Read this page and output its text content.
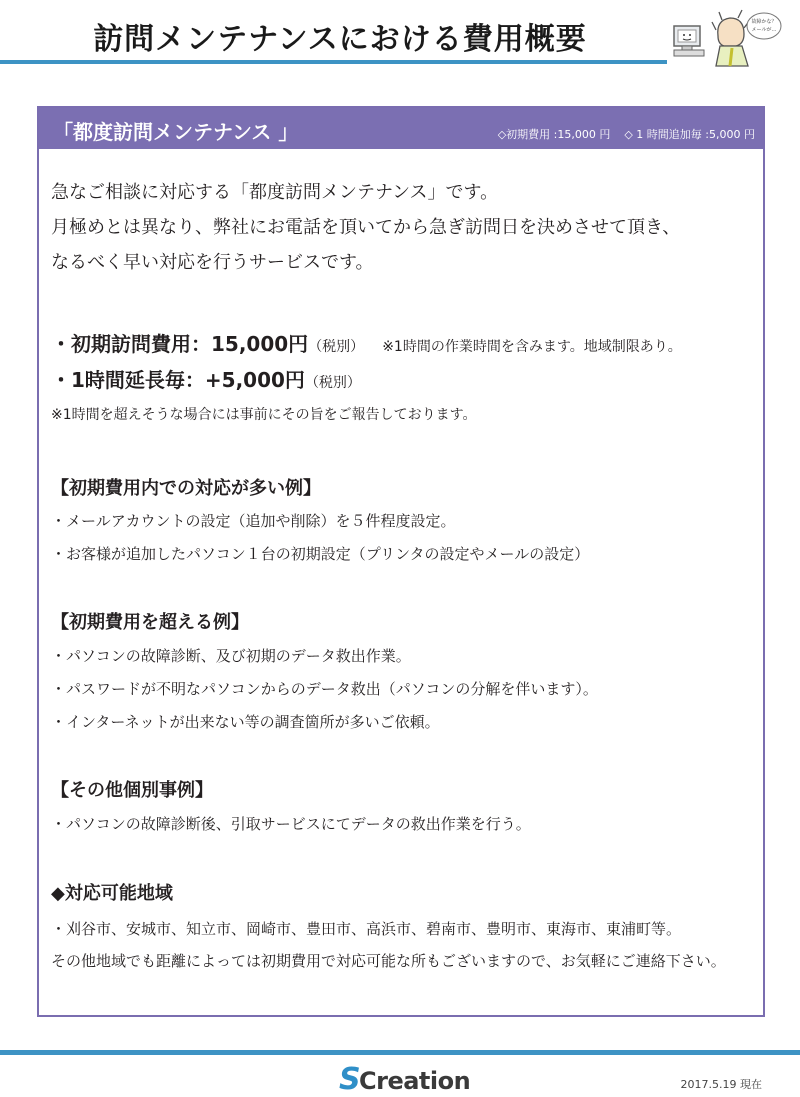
訪問メンテナンスにおける費用概要	故障かな？
メールが…
「都度訪問メンテナンス 」	◇初期費用 :15,000 円 ◇ 1 時間追加毎 :5,000 円
急なご相談に対応する「都度訪問メンテナンス」です。
月極めとは異なり、弊社にお電話を頂いてから急ぎ訪問日を決めさせて頂き、
なるべく早い対応を行うサービスです。
・初期訪問費用：15,000円（税別） ※1時間の作業時間を含みます。地域制限あり。
・1時間延長毎：+5,000円（税別）
※1時間を超えそうな場合には事前にその旨をご報告しております。
【初期費用内での対応が多い例】
・メールアカウントの設定（追加や削除）を５件程度設定。
・お客様が追加したパソコン１台の初期設定（プリンタの設定やメールの設定）
【初期費用を超える例】
・パソコンの故障診断、及び初期のデータ救出作業。
・パスワードが不明なパソコンからのデータ救出（パソコンの分解を伴います）。
・インターネットが出来ない等の調査箇所が多いご依頼。
【その他個別事例】
・パソコンの故障診断後、引取サービスにてデータの救出作業を行う。
◆対応可能地域
・刈谷市、安城市、知立市、岡崎市、豊田市、高浜市、碧南市、豊明市、東海市、東浦町等。
その他地域でも距離によっては初期費用で対応可能な所もございますので、お気軽にご連絡下さい。
S
Creation	2017.5.19 現在
